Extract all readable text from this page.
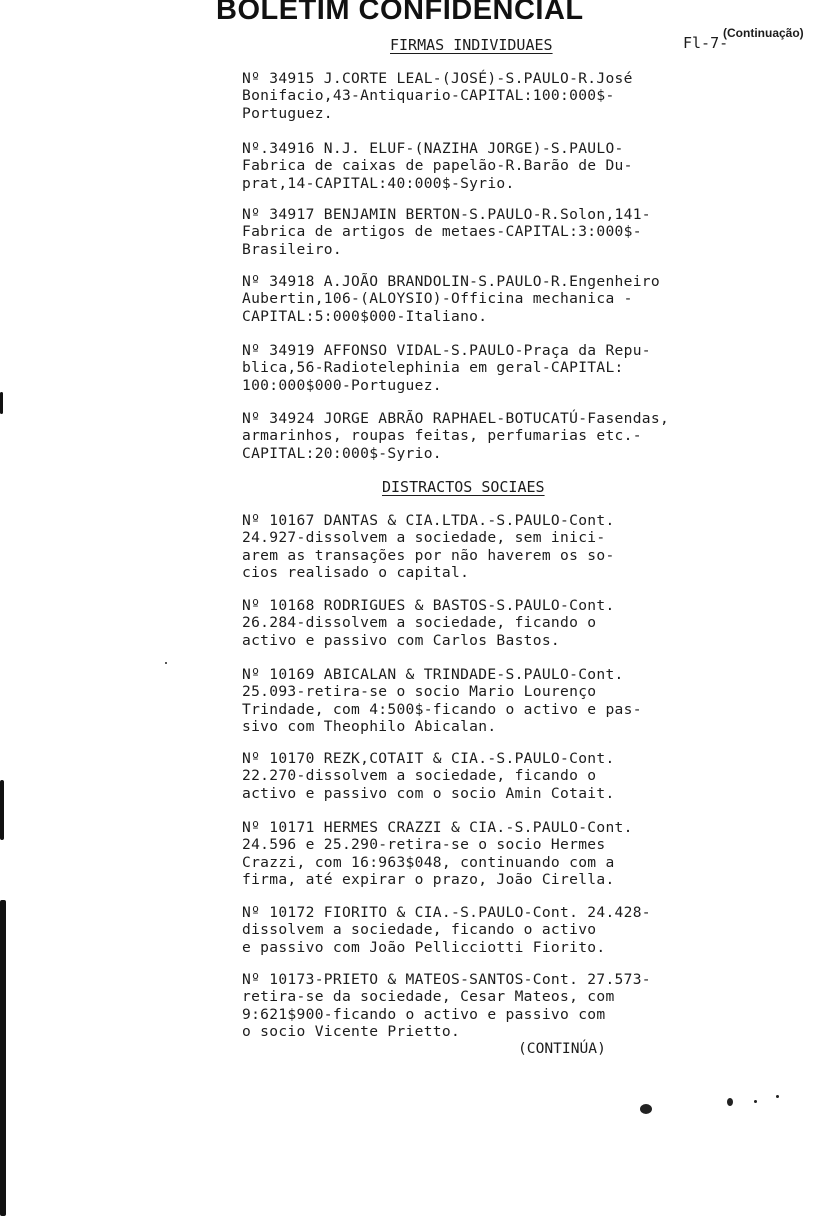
BOLETIM CONFIDENCIAL
(Continuação)
Fl-7-
FIRMAS INDIVIDUAES
Nº 34915 J.CORTE LEAL-(JOSÉ)-S.PAULO-R.José
Bonifacio,43-Antiquario-CAPITAL:100:000$-
Portuguez.
Nº.34916 N.J. ELUF-(NAZIHA JORGE)-S.PAULO-
Fabrica de caixas de papelão-R.Barão de Du-
prat,14-CAPITAL:40:000$-Syrio.
Nº 34917 BENJAMIN BERTON-S.PAULO-R.Solon,141-
Fabrica de artigos de metaes-CAPITAL:3:000$-
Brasileiro.
Nº 34918 A.JOÃO BRANDOLIN-S.PAULO-R.Engenheiro
Aubertin,106-(ALOYSIO)-Officina mechanica -
CAPITAL:5:000$000-Italiano.
Nº 34919 AFFONSO VIDAL-S.PAULO-Praça da Repu-
blica,56-Radiotelephinia em geral-CAPITAL:
100:000$000-Portuguez.
Nº 34924 JORGE ABRÃO RAPHAEL-BOTUCATÚ-Fasendas,
armarinhos, roupas feitas, perfumarias etc.-
CAPITAL:20:000$-Syrio.
DISTRACTOS SOCIAES
Nº 10167 DANTAS & CIA.LTDA.-S.PAULO-Cont.
24.927-dissolvem a sociedade, sem inici-
arem as transações por não haverem os so-
cios realisado o capital.
Nº 10168 RODRIGUES & BASTOS-S.PAULO-Cont.
26.284-dissolvem a sociedade, ficando o
activo e passivo com Carlos Bastos.
Nº 10169 ABICALAN & TRINDADE-S.PAULO-Cont.
25.093-retira-se o socio Mario Lourenço
Trindade, com 4:500$-ficando o activo e pas-
sivo com Theophilo Abicalan.
Nº 10170 REZK,COTAIT & CIA.-S.PAULO-Cont.
22.270-dissolvem a sociedade, ficando o
activo e passivo com o socio Amin Cotait.
Nº 10171 HERMES CRAZZI & CIA.-S.PAULO-Cont.
24.596 e 25.290-retira-se o socio Hermes
Crazzi, com 16:963$048, continuando com a
firma, até expirar o prazo, João Cirella.
Nº 10172 FIORITO & CIA.-S.PAULO-Cont. 24.428-
dissolvem a sociedade, ficando o activo
e passivo com João Pellicciotti Fiorito.
Nº 10173-PRIETO & MATEOS-SANTOS-Cont. 27.573-
retira-se da sociedade, Cesar Mateos, com
9:621$900-ficando o activo e passivo com
o socio Vicente Prietto.
(CONTINÚA)
